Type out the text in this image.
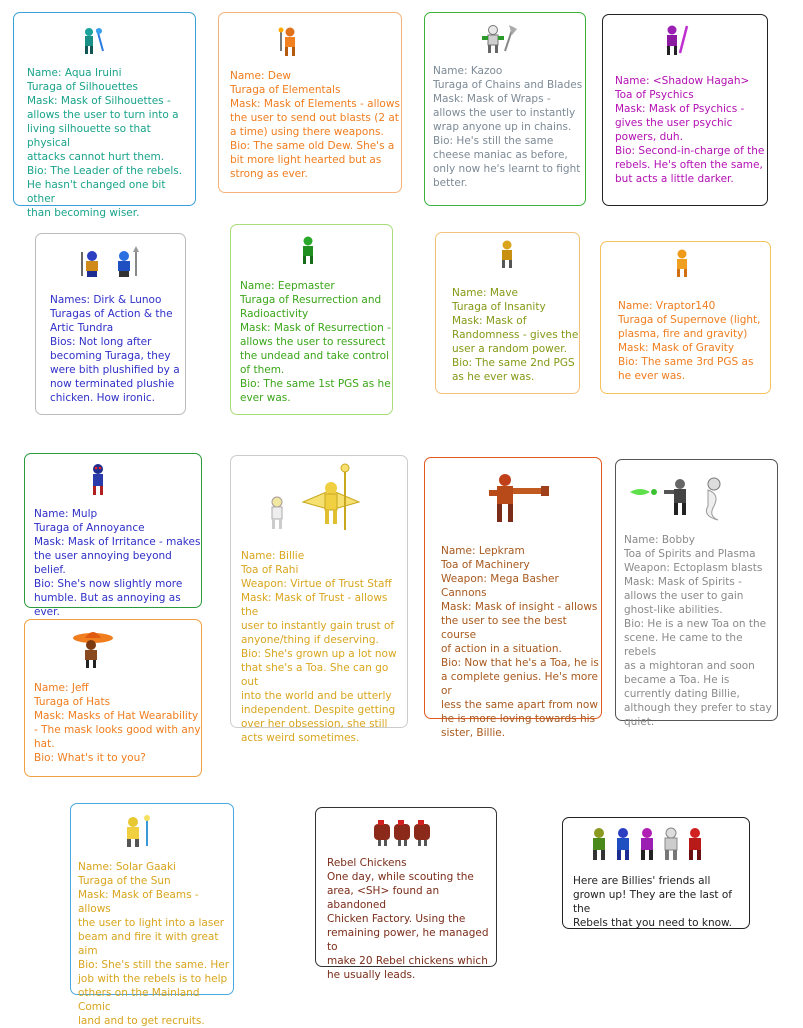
Name: Aqua Iruini
Turaga of Silhouettes
Mask: Mask of Silhouettes -
allows the user to turn into a
living silhouette so that physical
attacks cannot hurt them.
Bio: The Leader of the rebels.
He hasn't changed one bit other
than becoming wiser.
Name: Dew
Turaga of Elementals
Mask: Mask of Elements - allows
the user to send out blasts (2 at
a time) using there weapons.
Bio: The same old Dew. She's a
bit more light hearted but as
strong as ever.
Name: Kazoo
Turaga of Chains and Blades
Mask: Mask of Wraps -
allows the user to instantly
wrap anyone up in chains.
Bio: He's still the same
cheese maniac as before,
only now he's learnt to fight
better.
Name: <Shadow Hagah>
Toa of Psychics
Mask: Mask of Psychics -
gives the user psychic
powers, duh.
Bio: Second-in-charge of the
rebels. He's often the same,
but acts a little darker.
Names: Dirk & Lunoo
Turagas of Action & the
Artic Tundra
Bios: Not long after
becoming Turaga, they
were bith plushified by a
now terminated plushie
chicken. How ironic.
Name: Eepmaster
Turaga of Resurrection and
Radioactivity
Mask: Mask of Resurrection -
allows the user to ressurect
the undead and take control
of them.
Bio: The same 1st PGS as he
ever was.
Name: Mave
Turaga of Insanity
Mask: Mask of
Randomness - gives the
user a random power.
Bio: The same 2nd PGS
as he ever was.
Name: Vraptor140
Turaga of Supernove (light,
plasma, fire and gravity)
Mask: Mask of Gravity
Bio: The same 3rd PGS as
he ever was.
Name: Mulp
Turaga of Annoyance
Mask: Mask of Irritance - makes
the user annoying beyond belief.
Bio: She's now slightly more
humble. But as annoying as
ever.
Name: Jeff
Turaga of Hats
Mask: Masks of Hat Wearability
- The mask looks good with any
hat.
Bio: What's it to you?
Name: Billie
Toa of Rahi
Weapon: Virtue of Trust Staff
Mask: Mask of Trust - allows the
user to instantly gain trust of
anyone/thing if deserving.
Bio: She's grown up a lot now
that she's a Toa. She can go out
into the world and be utterly
independent. Despite getting
over her obsession, she still
acts weird sometimes.
Name: Lepkram
Toa of Machinery
Weapon: Mega Basher
Cannons
Mask: Mask of insight - allows
the user to see the best course
of action in a situation.
Bio: Now that he's a Toa, he is
a complete genius. He's more or
less the same apart from now
he is more loving towards his
sister, Billie.
Name: Bobby
Toa of Spirits and Plasma
Weapon: Ectoplasm blasts
Mask: Mask of Spirits -
allows the user to gain
ghost-like abilities.
Bio: He is a new Toa on the
scene. He came to the rebels
as a mightoran and soon
became a Toa. He is
currently dating Billie,
although they prefer to stay
quiet.
Name: Solar Gaaki
Turaga of the Sun
Mask: Mask of Beams - allows
the user to light into a laser
beam and fire it with great aim
Bio: She's still the same. Her
job with the rebels is to help
others on the Mainland Comic
land and to get recruits.
Rebel Chickens
One day, while scouting the
area, <SH> found an abandoned
Chicken Factory. Using the
remaining power, he managed to
make 20 Rebel chickens which
he usually leads.
Here are Billies' friends all
grown up! They are the last of the
Rebels that you need to know.
